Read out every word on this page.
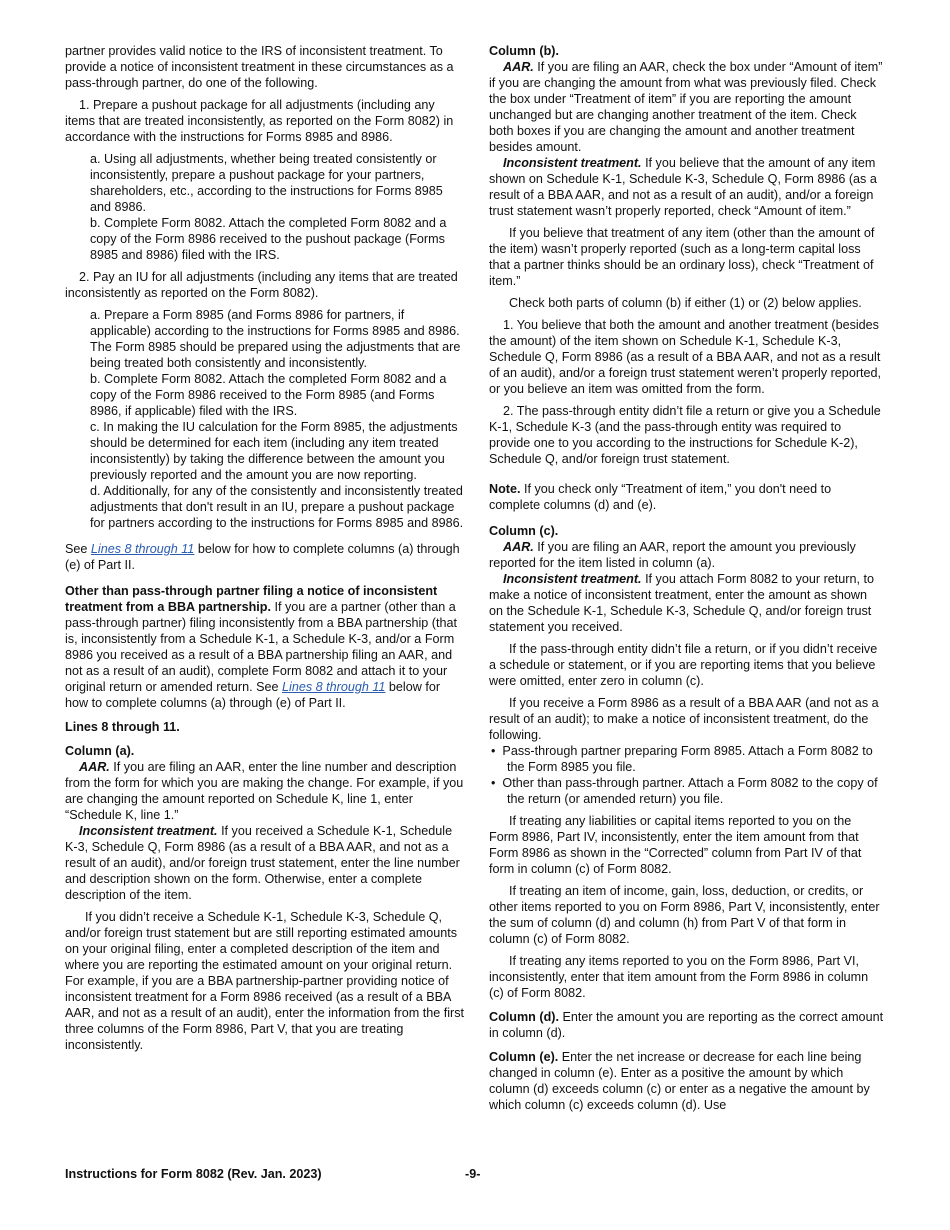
partner provides valid notice to the IRS of inconsistent treatment. To provide a notice of inconsistent treatment in these circumstances as a pass-through partner, do one of the following.

1. Prepare a pushout package for all adjustments (including any items that are treated inconsistently, as reported on the Form 8082) in accordance with the instructions for Forms 8985 and 8986.

a. Using all adjustments, whether being treated consistently or inconsistently, prepare a pushout package for your partners, shareholders, etc., according to the instructions for Forms 8985 and 8986.

b. Complete Form 8082. Attach the completed Form 8082 and a copy of the Form 8986 received to the pushout package (Forms 8985 and 8986) filed with the IRS.

2. Pay an IU for all adjustments (including any items that are treated inconsistently as reported on the Form 8082).

a. Prepare a Form 8985 (and Forms 8986 for partners, if applicable) according to the instructions for Forms 8985 and 8986. The Form 8985 should be prepared using the adjustments that are being treated both consistently and inconsistently.

b. Complete Form 8082. Attach the completed Form 8082 and a copy of the Form 8986 received to the Form 8985 (and Forms 8986, if applicable) filed with the IRS.

c. In making the IU calculation for the Form 8985, the adjustments should be determined for each item (including any item treated inconsistently) by taking the difference between the amount you previously reported and the amount you are now reporting.

d. Additionally, for any of the consistently and inconsistently treated adjustments that don't result in an IU, prepare a pushout package for partners according to the instructions for Forms 8985 and 8986.

See Lines 8 through 11 below for how to complete columns (a) through (e) of Part II.

Other than pass-through partner filing a notice of inconsistent treatment from a BBA partnership. If you are a partner (other than a pass-through partner) filing inconsistently from a BBA partnership (that is, inconsistently from a Schedule K-1, a Schedule K-3, and/or a Form 8986 you received as a result of a BBA partnership filing an AAR, and not as a result of an audit), complete Form 8082 and attach it to your original return or amended return. See Lines 8 through 11 below for how to complete columns (a) through (e) of Part II.

Lines 8 through 11.

Column (a).

AAR. If you are filing an AAR, enter the line number and description from the form for which you are making the change. For example, if you are changing the amount reported on Schedule K, line 1, enter “Schedule K, line 1.”

Inconsistent treatment. If you received a Schedule K-1, Schedule K-3, Schedule Q, Form 8986 (as a result of a BBA AAR, and not as a result of an audit), and/or foreign trust statement, enter the line number and description shown on the form. Otherwise, enter a complete description of the item.

If you didn’t receive a Schedule K-1, Schedule K-3, Schedule Q, and/or foreign trust statement but are still reporting estimated amounts on your original filing, enter a completed description of the item and where you are reporting the estimated amount on your original return. For example, if you are a BBA partnership-partner providing notice of inconsistent treatment for a Form 8986 received (as a result of a BBA AAR, and not as a result of an audit), enter the information from the first three columns of the Form 8986, Part V, that you are treating inconsistently.

Column (b).

AAR. If you are filing an AAR, check the box under “Amount of item” if you are changing the amount from what was previously filed. Check the box under “Treatment of item” if you are reporting the amount unchanged but are changing another treatment of the item. Check both boxes if you are changing the amount and another treatment besides amount.

Inconsistent treatment. If you believe that the amount of any item shown on Schedule K-1, Schedule K-3, Schedule Q, Form 8986 (as a result of a BBA AAR, and not as a result of an audit), and/or a foreign trust statement wasn’t properly reported, check “Amount of item.”

If you believe that treatment of any item (other than the amount of the item) wasn’t properly reported (such as a long-term capital loss that a partner thinks should be an ordinary loss), check “Treatment of item.”

Check both parts of column (b) if either (1) or (2) below applies.

1. You believe that both the amount and another treatment (besides the amount) of the item shown on Schedule K-1, Schedule K-3, Schedule Q, Form 8986 (as a result of a BBA AAR, and not as a result of an audit), and/or a foreign trust statement weren’t properly reported, or you believe an item was omitted from the form.

2. The pass-through entity didn’t file a return or give you a Schedule K-1, Schedule K-3 (and the pass-through entity was required to provide one to you according to the instructions for Schedule K-2), Schedule Q, and/or foreign trust statement.

Note. If you check only “Treatment of item,” you don't need to complete columns (d) and (e).

Column (c).

AAR. If you are filing an AAR, report the amount you previously reported for the item listed in column (a).

Inconsistent treatment. If you attach Form 8082 to your return, to make a notice of inconsistent treatment, enter the amount as shown on the Schedule K-1, Schedule K-3, Schedule Q, and/or foreign trust statement you received.

If the pass-through entity didn’t file a return, or if you didn’t receive a schedule or statement, or if you are reporting items that you believe were omitted, enter zero in column (c).

If you receive a Form 8986 as a result of a BBA AAR (and not as a result of an audit); to make a notice of inconsistent treatment, do the following.

•  Pass-through partner preparing Form 8985. Attach a Form 8082 to the Form 8985 you file.

•  Other than pass-through partner. Attach a Form 8082 to the copy of the return (or amended return) you file.

If treating any liabilities or capital items reported to you on the Form 8986, Part IV, inconsistently, enter the item amount from that Form 8986 as shown in the “Corrected” column from Part IV of that form in column (c) of Form 8082.

If treating an item of income, gain, loss, deduction, or credits, or other items reported to you on Form 8986, Part V, inconsistently, enter the sum of column (d) and column (h) from Part V of that form in column (c) of Form 8082.

If treating any items reported to you on the Form 8986, Part VI, inconsistently, enter that item amount from the Form 8986 in column (c) of Form 8082.

Column (d). Enter the amount you are reporting as the correct amount in column (d).

Column (e). Enter the net increase or decrease for each line being changed in column (e). Enter as a positive the amount by which column (d) exceeds column (c) or enter as a negative the amount by which column (c) exceeds column (d). Use

Instructions for Form 8082 (Rev. Jan. 2023)	-9-
